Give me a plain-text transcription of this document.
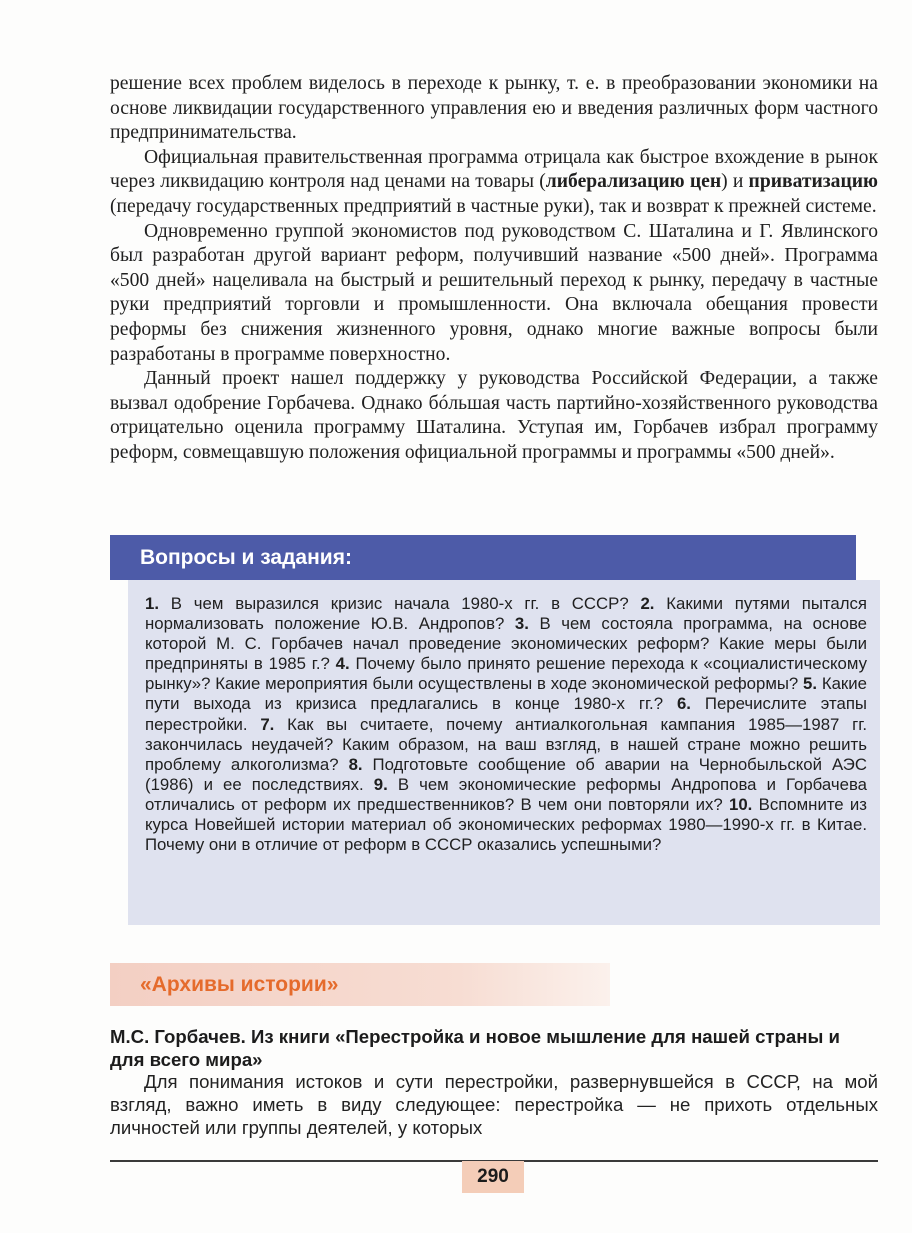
решение всех проблем виделось в переходе к рынку, т. е. в преобразовании экономики на основе ликвидации государственного управления ею и введения различных форм частного предпринимательства.

Официальная правительственная программа отрицала как быстрое вхождение в рынок через ликвидацию контроля над ценами на товары (либерализацию цен) и приватизацию (передачу государственных предприятий в частные руки), так и возврат к прежней системе.

Одновременно группой экономистов под руководством С. Шаталина и Г. Явлинского был разработан другой вариант реформ, получивший название «500 дней». Программа «500 дней» нацеливала на быстрый и решительный переход к рынку, передачу в частные руки предприятий торговли и промышленности. Она включала обещания провести реформы без снижения жизненного уровня, однако многие важные вопросы были разработаны в программе поверхностно.

Данный проект нашел поддержку у руководства Российской Федерации, а также вызвал одобрение Горбачева. Однако бóльшая часть партийно-хозяйственного руководства отрицательно оценила программу Шаталина. Уступая им, Горбачев избрал программу реформ, совмещавшую положения официальной программы и программы «500 дней».

Вопросы и задания:
1. В чем выразился кризис начала 1980-х гг. в СССР? 2. Какими путями пытался нормализовать положение Ю.В. Андропов? 3. В чем состояла программа, на основе которой М. С. Горбачев начал проведение экономических реформ? Какие меры были предприняты в 1985 г.? 4. Почему было принято решение перехода к «социалистическому рынку»? Какие мероприятия были осуществлены в ходе экономической реформы? 5. Какие пути выхода из кризиса предлагались в конце 1980-х гг.? 6. Перечислите этапы перестройки. 7. Как вы считаете, почему антиалкогольная кампания 1985—1987 гг. закончилась неудачей? Каким образом, на ваш взгляд, в нашей стране можно решить проблему алкоголизма? 8. Подготовьте сообщение об аварии на Чернобыльской АЭС (1986) и ее последствиях. 9. В чем экономические реформы Андропова и Горбачева отличались от реформ их предшественников? В чем они повторяли их? 10. Вспомните из курса Новейшей истории материал об экономических реформах 1980—1990-х гг. в Китае. Почему они в отличие от реформ в СССР оказались успешными?
«Архивы истории»
М.С. Горбачев. Из книги «Перестройка и новое мышление для нашей страны и для всего мира»

Для понимания истоков и сути перестройки, развернувшейся в СССР, на мой взгляд, важно иметь в виду следующее: перестройка — не прихоть отдельных личностей или группы деятелей, у которых

290
